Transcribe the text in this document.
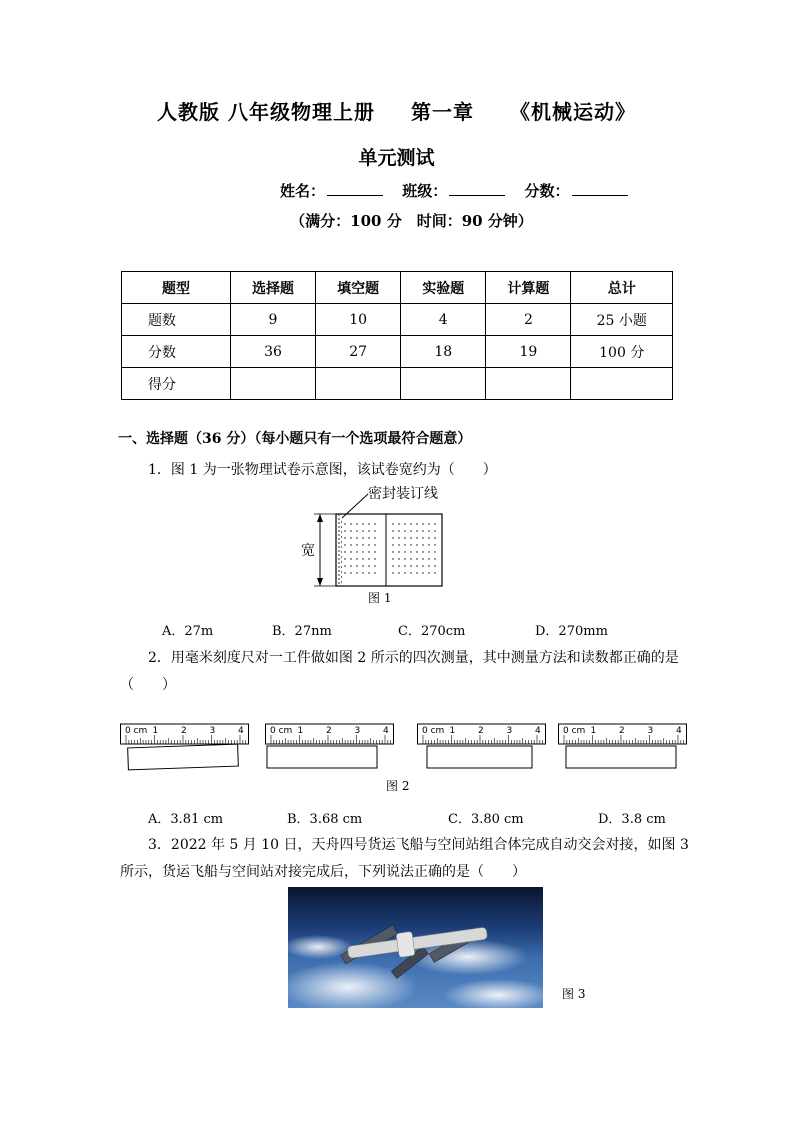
人教版 八年级物理上册 第一章 《机械运动》
单元测试
姓名：	班级：	分数：
（满分：100 分　时间：90 分钟）
题型	选择题	填空题	实验题	计算题	总计
题数	9	10	4	2	25 小题
分数	36	27	18	19	100 分
得分					
一、选择题（36 分）（每小题只有一个选项最符合题意）
1．图 1 为一张物理试卷示意图，该试卷宽约为（　　）
密封装订线
宽
图 1
A．27m	B．27nm	C．270cm	D．270mm
2．用毫米刻度尺对一工件做如图 2 所示的四次测量，其中测量方法和读数都正确的是
（　　）
0 cm 1	2	3	4	0 cm 1	2	3	4	0 cm 1	2	3	4 0 cm 1	2	3	4
图 2
A．3.81 cm	B．3.68 cm	C．3.80 cm	D．3.8 cm
3．2022 年 5 月 10 日，天舟四号货运飞船与空间站组合体完成自动交会对接，如图 3
所示，货运飞船与空间站对接完成后，下列说法正确的是（　　）
图 3
